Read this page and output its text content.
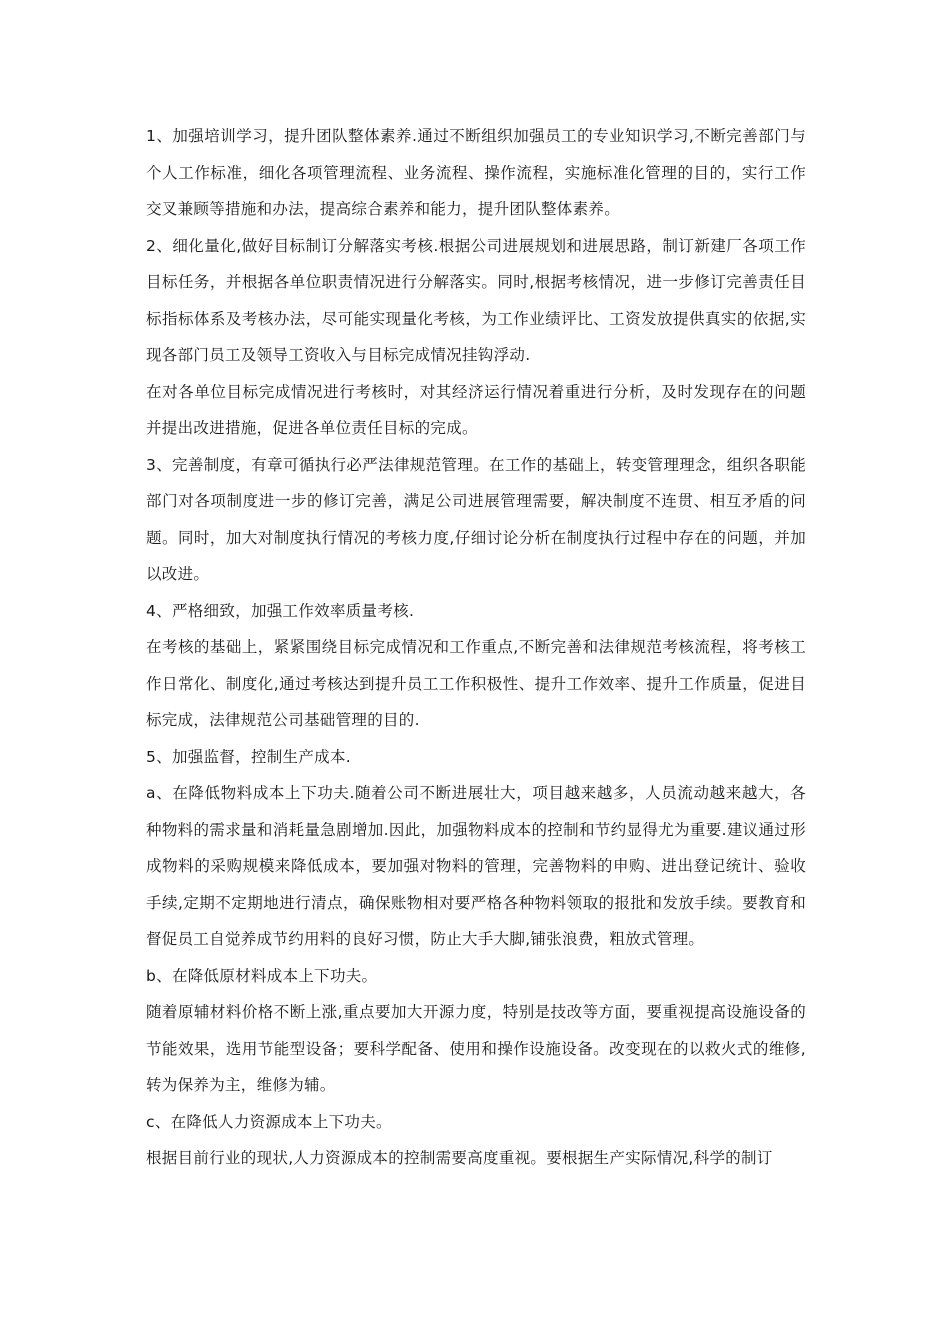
1、加强培训学习，提升团队整体素养.通过不断组织加强员工的专业知识学习,不断完善部门与个人工作标准，细化各项管理流程、业务流程、操作流程，实施标准化管理的目的，实行工作交叉兼顾等措施和办法，提高综合素养和能力，提升团队整体素养。

2、细化量化,做好目标制订分解落实考核.根据公司进展规划和进展思路，制订新建厂各项工作目标任务，并根据各单位职责情况进行分解落实。同时,根据考核情况，进一步修订完善责任目标指标体系及考核办法，尽可能实现量化考核，为工作业绩评比、工资发放提供真实的依据,实现各部门员工及领导工资收入与目标完成情况挂钩浮动.

在对各单位目标完成情况进行考核时，对其经济运行情况着重进行分析，及时发现存在的问题并提出改进措施，促进各单位责任目标的完成。

3、完善制度，有章可循执行必严法律规范管理。在工作的基础上，转变管理理念，组织各职能部门对各项制度进一步的修订完善，满足公司进展管理需要，解决制度不连贯、相互矛盾的问题。同时，加大对制度执行情况的考核力度,仔细讨论分析在制度执行过程中存在的问题，并加以改进。

4、严格细致，加强工作效率质量考核.

在考核的基础上，紧紧围绕目标完成情况和工作重点,不断完善和法律规范考核流程，将考核工作日常化、制度化,通过考核达到提升员工工作积极性、提升工作效率、提升工作质量，促进目标完成，法律规范公司基础管理的目的.

5、加强监督，控制生产成本.

a、在降低物料成本上下功夫.随着公司不断进展壮大，项目越来越多，人员流动越来越大，各种物料的需求量和消耗量急剧增加.因此，加强物料成本的控制和节约显得尤为重要.建议通过形成物料的采购规模来降低成本，要加强对物料的管理，完善物料的申购、进出登记统计、验收手续,定期不定期地进行清点，确保账物相对要严格各种物料领取的报批和发放手续。要教育和督促员工自觉养成节约用料的良好习惯，防止大手大脚,铺张浪费，粗放式管理。

b、在降低原材料成本上下功夫。

随着原辅材料价格不断上涨,重点要加大开源力度，特别是技改等方面，要重视提高设施设备的节能效果，选用节能型设备；要科学配备、使用和操作设施设备。改变现在的以救火式的维修,转为保养为主，维修为辅。

c、在降低人力资源成本上下功夫。

根据目前行业的现状,人力资源成本的控制需要高度重视。要根据生产实际情况,科学的制订
